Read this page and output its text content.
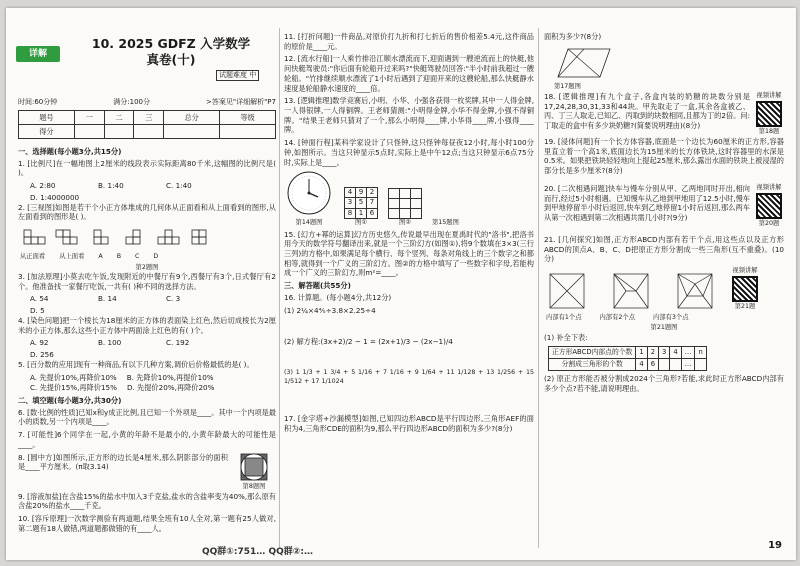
详解
10. 2025 GDFZ 入学数学
真卷(十)
试题难度 中
时间:60分钟	满分:100分	>答案见"详细解析"P7
题号	一	二	三	总分	等级
得分					
一、选择题(每小题3分,共15分)
1. [比例尺]在一幅地图上2厘米的线段表示实际距离80千米,这幅图的比例尺是( )。
A. 2:80	B. 1:40	C. 1:40
D. 1:4000000
2. [三视图]如图是若干个小正方体堆成的几何体从正面看和从上面看到的图形,从左面看到的图形是( )。
从正面看 从上面看 A B C D
第2题图
3. [加法原理]小莫去吃午饭,发现附近的中餐厅有9个,西餐厅有3个,日式餐厅有2个。他准备找一家餐厅吃饭,一共有( )种不同的选择方法。
A. 54	B. 14	C. 3
D. 5
4. [染色问题]把一个棱长为18厘米的正方体的表面染上红色,然后切成棱长为2厘米的小正方体,那么这些小正方体中两面涂上红色的有( )个。
A. 92	B. 100	C. 192
D. 256
5. [百分数的应用]现有一种商品,有以下几种方案,调价后价格最低的是( )。
A. 先提价10%,再降价10% B. 先降价10%,再提价10%
C. 先提价15%,再降价15% D. 先提价20%,再降价20%
二、填空题(每小题3分,共30分)
6. [数·比例的性质]已知x和y成正比例,且已知一个外项是____。其中一个内项是最小的质数,另一个内项是____。
7. [可能性]6个同学在一起,小黄的年龄不是最小的,小黄年龄最大的可能性是____。
8. [圆中方]如图所示,正方形的边长是4厘米,那么阴影部分的面积是____平方厘米。(π取3.14)
第8题图
9. [溶液加盐]在含盐15%的盐水中加入3千克盐,盐水的含盐率变为40%,那么原有含盐20%的盐水____千克。
10. [容斥原理]一次数学测验有两道题,结果全班有10人全对,第一题有25人做对,第二题有18人做错,两道题都做错的有____人。
11. [打折问题]一件商品,对原价打九折和打七折后的售价相差5.4元,这件商品的原价是____元。
12. [流水行船]一人乘竹排沿江顺水漂流而下,迎面遇到一艘逆流而上的快艇,他问快艇驾驶员:"你后面有轮船开过来吗?"快艇驾驶员回答:"半小时前我超过一艘轮船。"竹排继续顺水漂流了1小时后遇到了迎面开来的这艘轮船,那么快艇静水速度是轮船静水速度的____倍。
13. [逻辑推理]数学竞赛后,小明、小华、小强各获得一枚奖牌,其中一人得金牌,一人得银牌,一人得铜牌。王老师猜测:"小明得金牌,小华不得金牌,小强不得铜牌。"结果王老师只猜对了一个,那么小明得____牌,小华得____牌,小强得____牌。
14. [钟面行程]某科学家设计了只怪钟,这只怪钟每昼夜12小时,每小时100分钟,如图所示。当这只钟显示5点时,实际上是中午12点;当这只钟显示6点75分时,实际上是____。
第14题图
4	9	2
3	5	7
8	1	6
图①

			图②	第15题图
15. [幻方+幂的运算]幻方历史悠久,传说最早出现在夏禹时代的"洛书",把洛书用今天的数学符号翻译出来,就是一个三阶幻方(如图①),将9个数填在3×3(三行三列)的方格中,如果满足每个横行、每个竖列、每条对角线上的三个数字之和都相等,就得到一个广义的三阶幻方。图②的方格中填写了一些数字和字母,若能构成一个广义的三阶幻方,则m²=____。
三、解答题(共55分)
16. 计算题。(每小题4分,共12分)
(1) 2¼×4⅘÷3.8×2.25÷4
(2) 解方程:(3x+2)/2 − 1 = (2x+1)/3 − (2x−1)/4
(3) 1 1/3 + 1 3/4 + 5 1/16 + 7 1/16 + 9 1/64 + 11 1/128 + 13 1/256 + 15 1/512 + 17 1/1024
17. [金字塔+沙漏模型]如图,已知四边形ABCD是平行四边形,三角形AEF的面积为4,三角形CDE的面积为9,那么平行四边形ABCD的面积为多少?(8分)
面积为多少?(8分)
第17题图
18. [逻辑推理]有九个盒子,各盒内装的奶糖的块数分别是17,24,28,30,31,33和44块。甲先取走了一盒,其余各盒被乙、丙、丁三人取走,已知乙、丙取到的块数相同,且都为丁的2倍。问:丁取走的盒中有多少块奶糖?(简要说明理由)(8分)
视频讲解
第18题
19. [浸体问题]有一个长方体容器,底面是一个边长为60厘米的正方形,容器里直立着一个高1米,底面边长为15厘米的长方体铁块,这时容器里的水深是0.5米。如果把铁块轻轻地向上提起25厘米,那么露出水面的铁块上被浸湿的部分长是多少厘米?(8分)
20. [二次相遇问题]快车与慢车分别从甲、乙两地同时开出,相向而行,经过5小时相遇。已知慢车从乙地到甲地用了12.5小时,慢车到甲地停留半小时后返回,快车到乙地停留1小时后返回,那么两车从第一次相遇到第二次相遇共需几小时?(9分)
视频讲解
第20题
21. [几何探究]如图,正方形ABCD内部有若干个点,用这些点以及正方形ABCD的顶点A、B、C、D把原正方形分割成一些三角形(互不重叠)。(10分)
视频讲解
第21题
内部有1个点	内部有2个点	内部有3个点
第21题图
(1) 补全下表:
正方形ABCD内部点的个数	1	2	3	4	…	n
分割成三角形的个数	4	6			…	
(2) 原正方形能否被分割成2024个三角形?若能,求此时正方形ABCD内部有多少个点?若不能,请说明理由。
QQ群①:751… QQ群②:…
19
